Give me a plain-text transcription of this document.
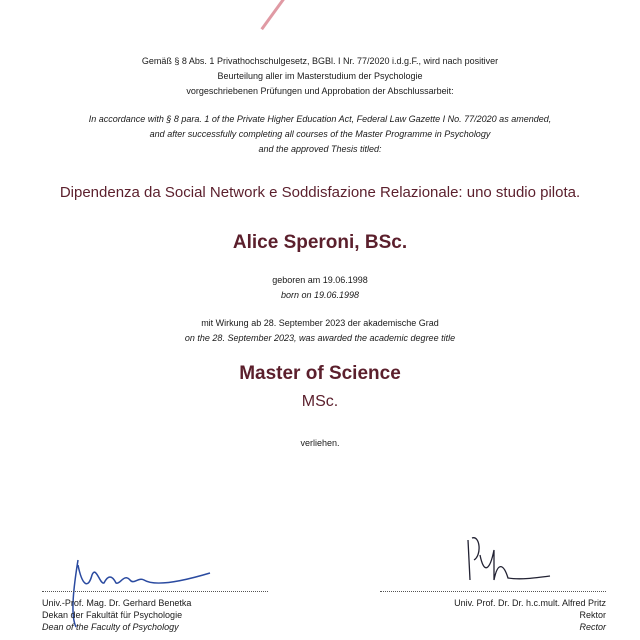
Gemäß § 8 Abs. 1 Privathochschulgesetz, BGBl. I Nr. 77/2020 i.d.g.F., wird nach positiver
Beurteilung aller im Masterstudium der Psychologie
vorgeschriebenen Prüfungen und Approbation der Abschlussarbeit:
In accordance with § 8 para. 1 of the Private Higher Education Act, Federal Law Gazette I No. 77/2020 as amended,
and after successfully completing all courses of the Master Programme in Psychology
and the approved Thesis titled:
Dipendenza da Social Network e Soddisfazione Relazionale: uno studio pilota.
Alice Speroni, BSc.
geboren am 19.06.1998
born on 19.06.1998
mit Wirkung ab 28. September 2023 der akademische Grad
on the 28. September 2023, was awarded the academic degree title
Master of Science
MSc.
verliehen.
Univ.-Prof. Mag. Dr. Gerhard Benetka
Dekan der Fakultät für Psychologie
Dean of the Faculty of Psychology
Univ. Prof. Dr. Dr. h.c.mult. Alfred Pritz
Rektor
Rector
